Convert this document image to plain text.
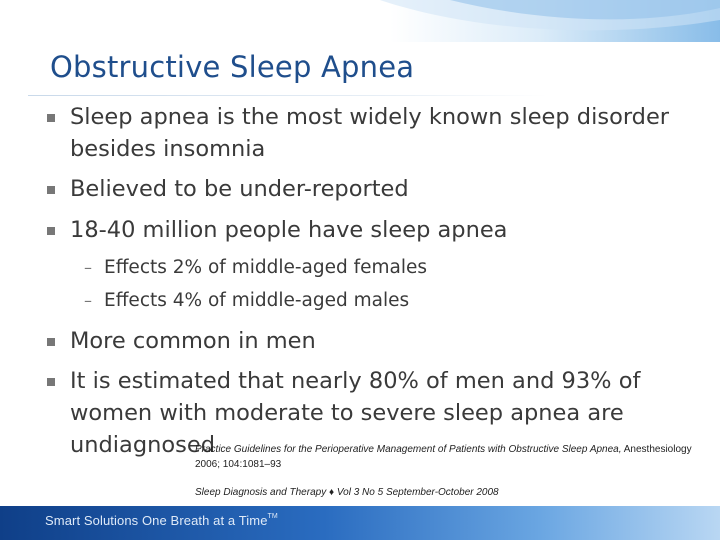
Obstructive Sleep Apnea
Sleep apnea is the most widely known sleep disorder besides insomnia
Believed to be under-reported
18-40 million people have sleep apnea
– Effects 2% of middle-aged females
– Effects 4% of middle-aged males
More common in men
It is estimated that nearly 80% of men and 93% of women with moderate to severe sleep apnea are undiagnosed
Practice Guidelines for the Perioperative Management of Patients with Obstructive Sleep Apnea, Anesthesiology 2006; 104:1081–93
Sleep Diagnosis and Therapy ♦ Vol 3 No 5 September-October 2008
Smart Solutions One Breath at a Time™
